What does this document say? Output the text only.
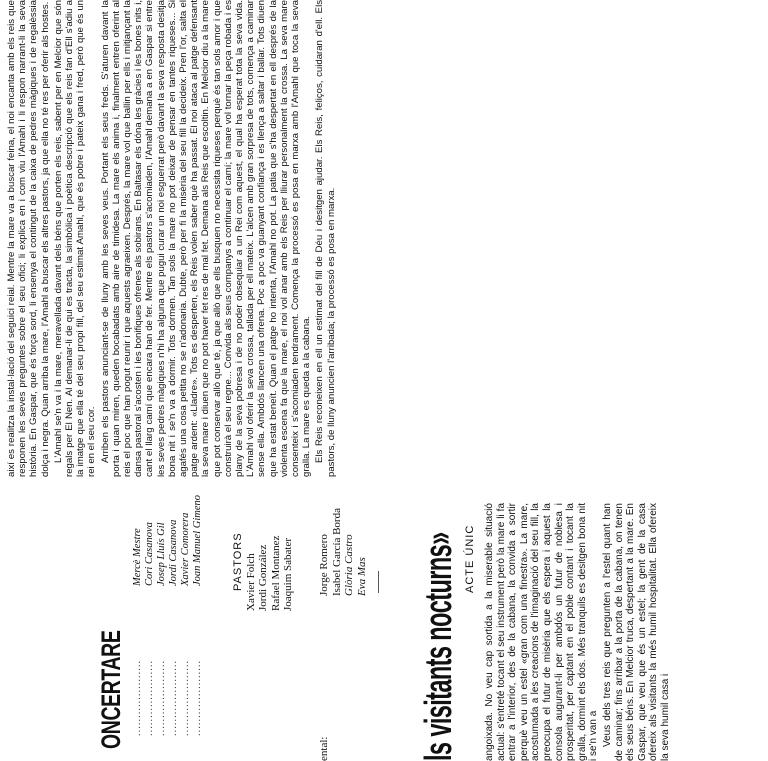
ONCERTARE .....................Mercè Mestre
.....................Cori Casanova
.....................Josep Lluís Gil
.....................Jordi Casanova
.....................Xavier Comorera
.....................Joan Manuel Gimeno	PASTORS Xavier Folch Jordi González Rafael Montanez Joaquim Sabater
ental:
Jorge Romero Isabel García Borda Glòria Castro Eva Mas ls visitants nocturns» ACTE ÚNIC angoixada. No veu cap sortida a la miserable situació actual: s'entreté tocant el seu instrument però la mare li fa entrar a l'interior, des de la cabana, la convida a sortir perquè veu un estel «gran com una finestra». La mare, acostumada a les creacions de l'imaginació del seu fill, la preocupa el futur de misèria que els espera i aquest la consola augurant-li per ambdós un futur de noblesa i prosperitat, per captant en el poble contant i tocant la gralla, dormint els dos. Més tranquils es desitgen bona nit i se'n van a Veus dels tres reis que pregunten a l'estel quant han de caminar; fins arribar a la porta de la cabana, on tenen els seus béns. En Melcior truca, despertant a la mare. En Gaspar, que veu que és un estel; la gent de la casa ofereix als visitants la més humil hospitalitat. Ella ofereix la seva humil casa i

així es realitza la instal·lació del seguici reial. Mentre la mare va a buscar feina, el noi encanta amb els reis que responen les seves preguntes sobre el seu ofici; li explica en i com viu l'Amahl i li respon narrant-li la seva història. En Gaspar, que és força sord, li ensenya el contingut de la caixa de pedres màgiques i de regalèssia dolça i negra. Quan arriba la mare, l'Amahl a buscar els altres pastors, ja que ella no té res per oferir als hostes. L'Amahl se'n va i la mare, meravellada davant dels béns que porten els reis, sabent per en Melcior que són regals per El Nen. Al demanar-li de qui es tracta, la simbòlica i poètica descripció que els reis fan d'Ell s'adiu a la imatge que ella té del seu propi fill, del seu estimat Amahl, que és pobre i pateix gana i fred, però que és un rei en el seu cor. Arriben els pastors anunciant-se de lluny amb les seves veus. Portant els seus freds. S'aturen davant la porta i quan miren, queden bocabadats amb aire de timidesa. La mare els anima i, finalment entren oferint al reis el poc que han pogut reunir i que aquests agraeixen. Després, la mare vol que ballin per ells i mitjançant la dansa pastoral s'acosten i les bonifiques ofrenes als sobirans. En Baltasar els dóna les gràcies i les bones nits i, cant el llarg camí que encara han de fer. Mentre els pastors s'acomiaden, l'Amahl demana a en Gaspar si entre les seves pedres màgiques n'hi ha alguna que pugui curar un noi esguerrat però davant la seva resposta desitja bona nit i se'n va a dormir. Tots dormen. Tan sols la mare no pot deixar de pensar en tantes riqueses... Si agafés una cosa petita no se n'adonaria. Dubte, però per fi la misèria del seu fill la decideix. Pren l'or, salta el patge ardent: «Lladre». Tots es desperten, els Reis volen saber què ha passat. El noi ataca al patge defensant la seva mare i diuen que no pot haver fet res de mal fet. Demana als Reis que escoltin. En Melcior diu a la mare que pot conservar allò que té, ja que allò que ells busquen no necessita riqueses perquè és tan sols amor i que construirà el seu regne... Convida als seus companys a continuar el camí; la mare vol tornar la peça robada i es plany de la seva pobresa i de no poder obsequiar a un Rei com aquest, el qual ha esperat tota la seva vida. L'Amahl vol oferir la seva crossa, tallada per ell mateix. L'alcen amb gran sorpresa de tots, comença a caminar sense ella. Ambdós llancen una ofrena. Poc a poc va guanyant confiança i es llença a saltar i ballar. Tots diuen que ha estat beneït. Quan el patge ho intenta, l'Amahl no pot. La patia que s'ha despertat en ell després de la violenta escena fa que la mare, el noi vol anar amb els Reis per lliurar personalment la crossa. La seva mare consenteix i s'acomiaden tendrament. Comença la processó es posa en marxa amb l'Amahl que toca la seva gralla. La mare es queda a la cabana. Els Reis reconeixen en ell un estimat del fill de Déu i desitgen ajudar. Els Reis, feliços, cuidaran d'ell. Els pastors, de lluny anuncien l'arribada; la processó es posa en marxa.
